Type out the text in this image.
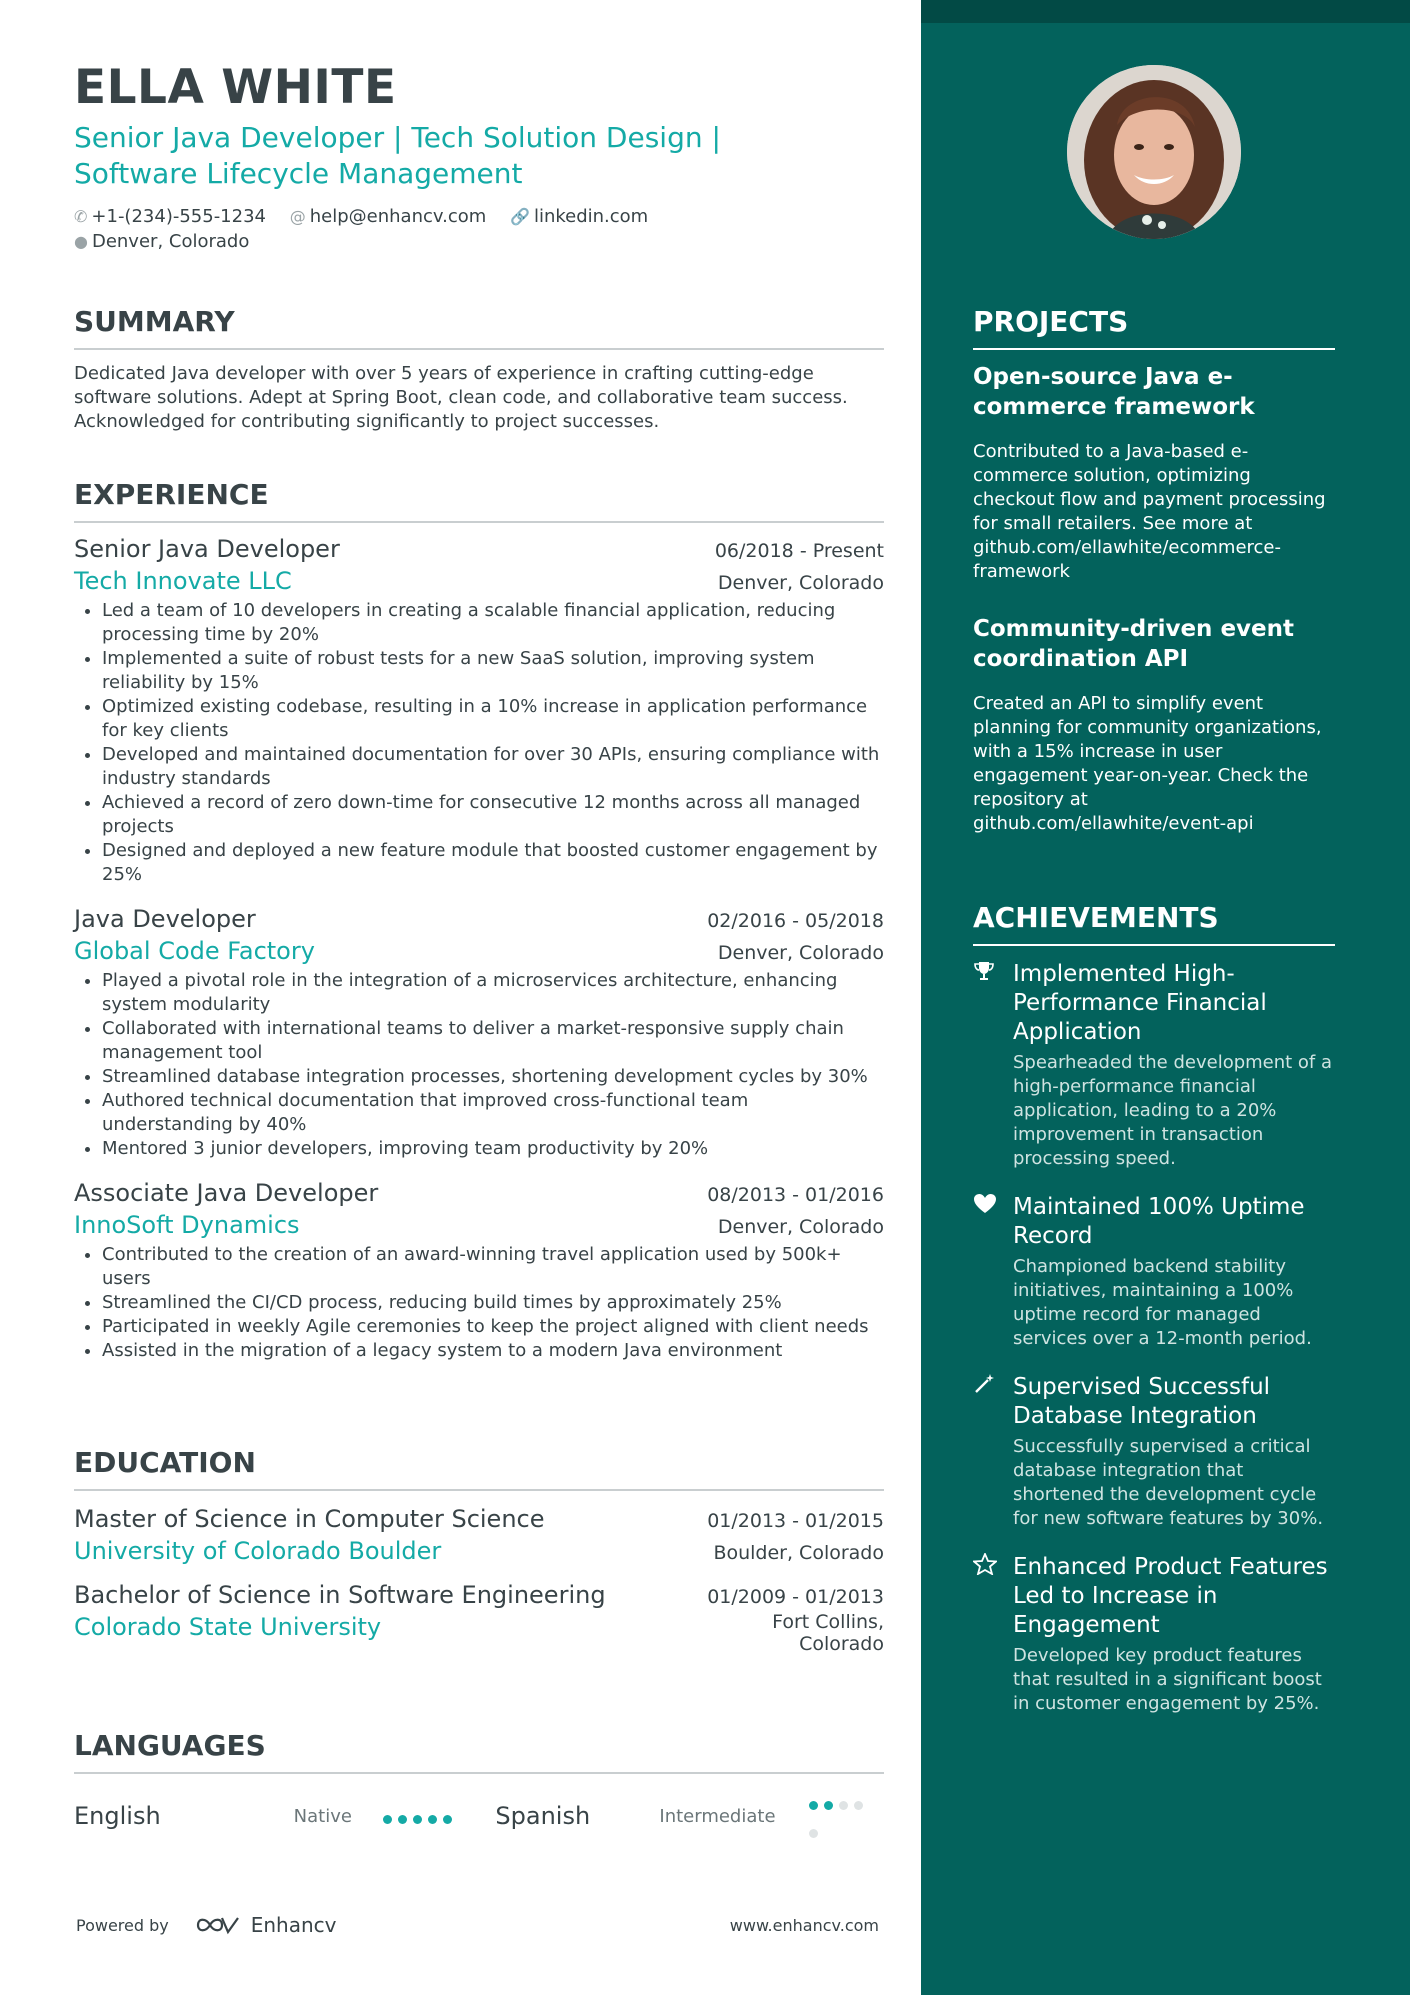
ELLA WHITE
Senior Java Developer | Tech Solution Design |
Software Lifecycle Management
✆ +1-(234)-555-1234 @ help@enhancv.com 🔗 linkedin.com
● Denver, Colorado
SUMMARY
Dedicated Java developer with over 5 years of experience in crafting cutting-edge software solutions. Adept at Spring Boot, clean code, and collaborative team success. Acknowledged for contributing significantly to project successes.
EXPERIENCE
Senior Java Developer	06/2018 - Present
Tech Innovate LLC	Denver, Colorado
• Led a team of 10 developers in creating a scalable financial application, reducing processing time by 20%
• Implemented a suite of robust tests for a new SaaS solution, improving system reliability by 15%
• Optimized existing codebase, resulting in a 10% increase in application performance for key clients
• Developed and maintained documentation for over 30 APIs, ensuring compliance with industry standards
• Achieved a record of zero down-time for consecutive 12 months across all managed projects
• Designed and deployed a new feature module that boosted customer engagement by 25%
Java Developer	02/2016 - 05/2018
Global Code Factory	Denver, Colorado
• Played a pivotal role in the integration of a microservices architecture, enhancing system modularity
• Collaborated with international teams to deliver a market-responsive supply chain management tool
• Streamlined database integration processes, shortening development cycles by 30%
• Authored technical documentation that improved cross-functional team understanding by 40%
• Mentored 3 junior developers, improving team productivity by 20%
Associate Java Developer	08/2013 - 01/2016
InnoSoft Dynamics	Denver, Colorado
• Contributed to the creation of an award-winning travel application used by 500k+ users
• Streamlined the CI/CD process, reducing build times by approximately 25%
• Participated in weekly Agile ceremonies to keep the project aligned with client needs
• Assisted in the migration of a legacy system to a modern Java environment
EDUCATION
Master of Science in Computer Science	01/2013 - 01/2015
University of Colorado Boulder	Boulder, Colorado
Bachelor of Science in Software Engineering	01/2009 - 01/2013
Colorado State University	Fort Collins,
Colorado
LANGUAGES
English	Native	Spanish	Intermediate
Powered by	Enhancv	www.enhancv.com
PROJECTS
Open-source Java e-commerce framework
Contributed to a Java-based e-commerce solution, optimizing checkout flow and payment processing for small retailers. See more at github.com/ellawhite/ecommerce-framework
Community-driven event coordination API
Created an API to simplify event planning for community organizations, with a 15% increase in user engagement year-on-year. Check the repository at github.com/ellawhite/event-api
ACHIEVEMENTS
Implemented High-Performance Financial Application
Spearheaded the development of a high-performance financial application, leading to a 20% improvement in transaction processing speed.
Maintained 100% Uptime Record
Championed backend stability initiatives, maintaining a 100% uptime record for managed services over a 12-month period.
Supervised Successful Database Integration
Successfully supervised a critical database integration that shortened the development cycle for new software features by 30%.
Enhanced Product Features Led to Increase in Engagement
Developed key product features that resulted in a significant boost in customer engagement by 25%.
